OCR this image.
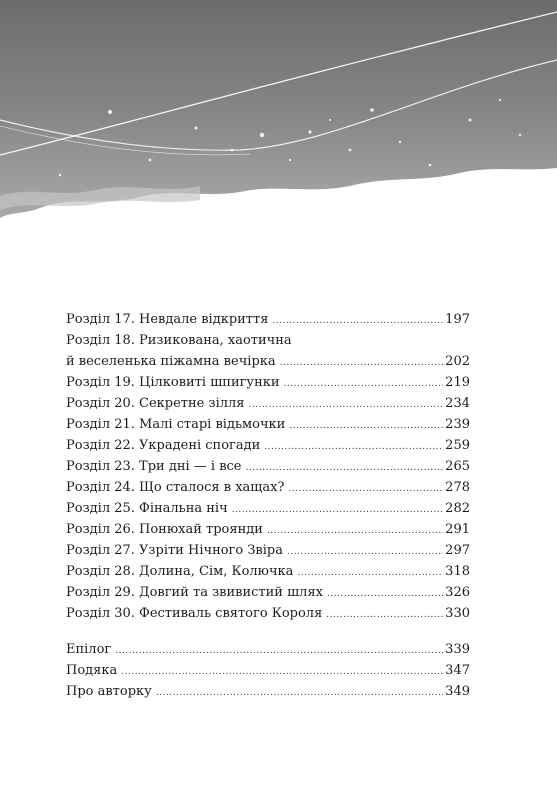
Розділ 17. Невдале відкриття .....	197
Розділ 18. Ризикована, хаотична
й веселенька піжамна вечірка .....	202
Розділ 19. Цілковиті шпигунки .....	219
Розділ 20. Секретне зілля .....	234
Розділ 21. Малі старі відьмочки .....	239
Розділ 22. Украдені спогади .....	259
Розділ 23. Три дні — і все .....	265
Розділ 24. Що сталося в хащах? .....	278
Розділ 25. Фінальна ніч .....	282
Розділ 26. Понюхай троянди .....	291
Розділ 27. Узріти Нічного Звіра .....	297
Розділ 28. Долина, Сім, Колючка .....	318
Розділ 29. Довгий та звивистий шлях .....	326
Розділ 30. Фестиваль святого Короля .....	330
Епілог .....	339
Подяка .....	347
Про авторку .....	349
